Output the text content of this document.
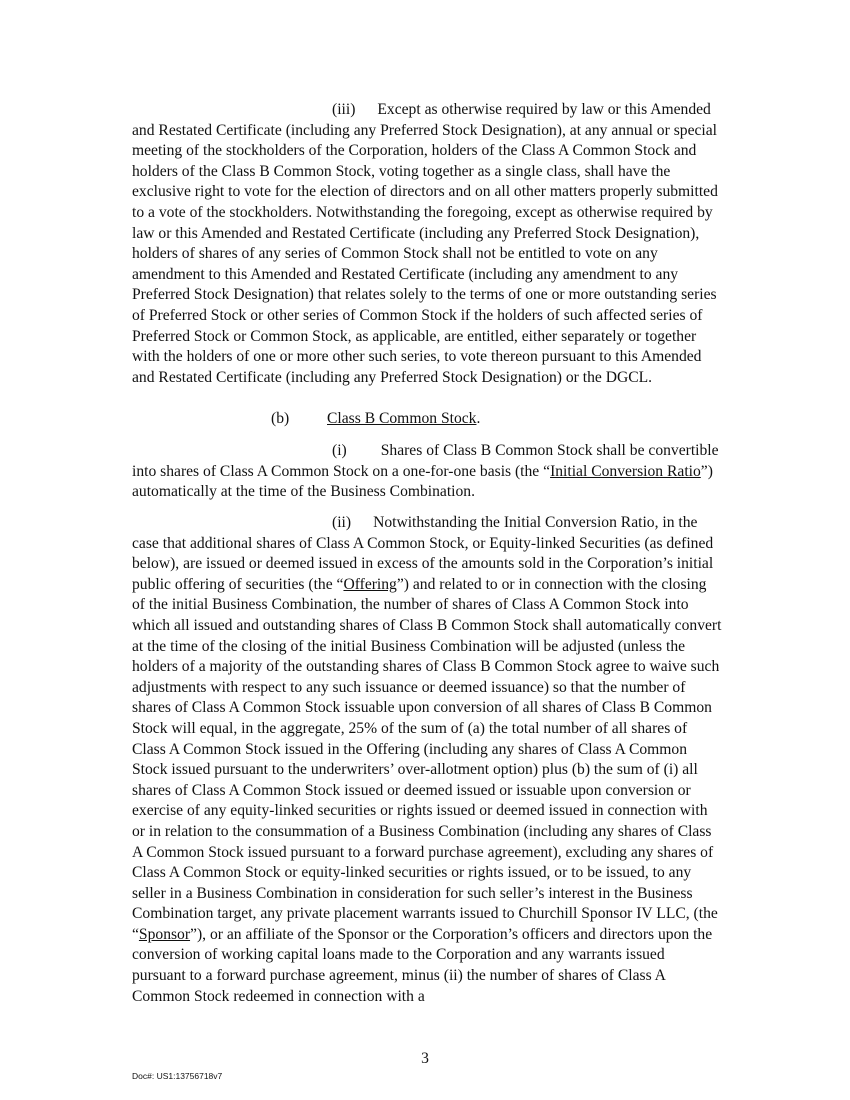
(iii) Except as otherwise required by law or this Amended and Restated Certificate (including any Preferred Stock Designation), at any annual or special meeting of the stockholders of the Corporation, holders of the Class A Common Stock and holders of the Class B Common Stock, voting together as a single class, shall have the exclusive right to vote for the election of directors and on all other matters properly submitted to a vote of the stockholders. Notwithstanding the foregoing, except as otherwise required by law or this Amended and Restated Certificate (including any Preferred Stock Designation), holders of shares of any series of Common Stock shall not be entitled to vote on any amendment to this Amended and Restated Certificate (including any amendment to any Preferred Stock Designation) that relates solely to the terms of one or more outstanding series of Preferred Stock or other series of Common Stock if the holders of such affected series of Preferred Stock or Common Stock, as applicable, are entitled, either separately or together with the holders of one or more other such series, to vote thereon pursuant to this Amended and Restated Certificate (including any Preferred Stock Designation) or the DGCL.

(b) Class B Common Stock.

(i) Shares of Class B Common Stock shall be convertible into shares of Class A Common Stock on a one-for-one basis (the “Initial Conversion Ratio”) automatically at the time of the Business Combination.

(ii) Notwithstanding the Initial Conversion Ratio, in the case that additional shares of Class A Common Stock, or Equity-linked Securities (as defined below), are issued or deemed issued in excess of the amounts sold in the Corporation’s initial public offering of securities (the “Offering”) and related to or in connection with the closing of the initial Business Combination, the number of shares of Class A Common Stock into which all issued and outstanding shares of Class B Common Stock shall automatically convert at the time of the closing of the initial Business Combination will be adjusted (unless the holders of a majority of the outstanding shares of Class B Common Stock agree to waive such adjustments with respect to any such issuance or deemed issuance) so that the number of shares of Class A Common Stock issuable upon conversion of all shares of Class B Common Stock will equal, in the aggregate, 25% of the sum of (a) the total number of all shares of Class A Common Stock issued in the Offering (including any shares of Class A Common Stock issued pursuant to the underwriters’ over-allotment option) plus (b) the sum of (i) all shares of Class A Common Stock issued or deemed issued or issuable upon conversion or exercise of any equity-linked securities or rights issued or deemed issued in connection with or in relation to the consummation of a Business Combination (including any shares of Class A Common Stock issued pursuant to a forward purchase agreement), excluding any shares of Class A Common Stock or equity-linked securities or rights issued, or to be issued, to any seller in a Business Combination in consideration for such seller’s interest in the Business Combination target, any private placement warrants issued to Churchill Sponsor IV LLC, (the “Sponsor”), or an affiliate of the Sponsor or the Corporation’s officers and directors upon the conversion of working capital loans made to the Corporation and any warrants issued pursuant to a forward purchase agreement, minus (ii) the number of shares of Class A Common Stock redeemed in connection with a

3
Doc#: US1:13756718v7
